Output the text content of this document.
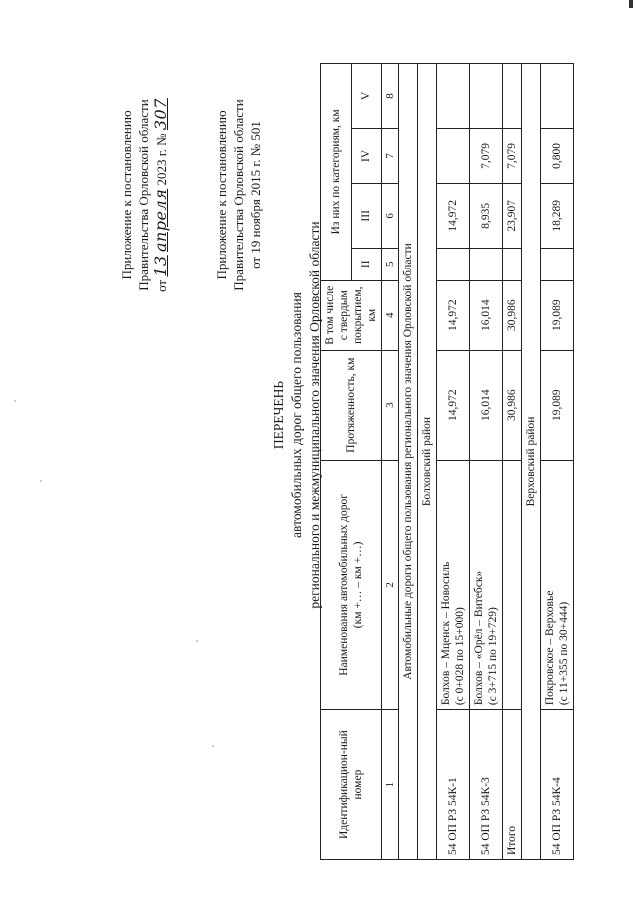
Приложение к постановлению Правительства Орловской области от 13 апреля 2023 г. № 307	Приложение к постановлению Правительства Орловской области от 19 ноября 2015 г. № 501
ПЕРЕЧЕНЬ автомобильных дорог общего пользования регионального и межмуниципального значения Орловской области
Идентификацион-ный номер	Наименования автомобильных дорог (км +… – км +…)	Протяженность, км	В том числе с твердым покрытием, км	Из них по категориям, км			
				II	III	IV	V
1	2	3	4	5	6	7	8
Автомобильные дороги общего пользования регионального значения Орловской области							
Болховский район							
54 ОП РЗ 54К-1	Болхов – Мценск – Новосиль (с 0+028 по 15+000)	14,972	14,972		14,972		
54 ОП РЗ 54К-3	Болхов – «Орёл – Витебск» (с 3+715 по 19+729)	16,014	16,014		8,935	7,079	
Итого		30,986	30,986		23,907	7,079	
Верховский район							
54 ОП РЗ 54К-4	Покровское – Верховье (с 11+355 по 30+444)	19,089	19,089		18,289	0,800	
